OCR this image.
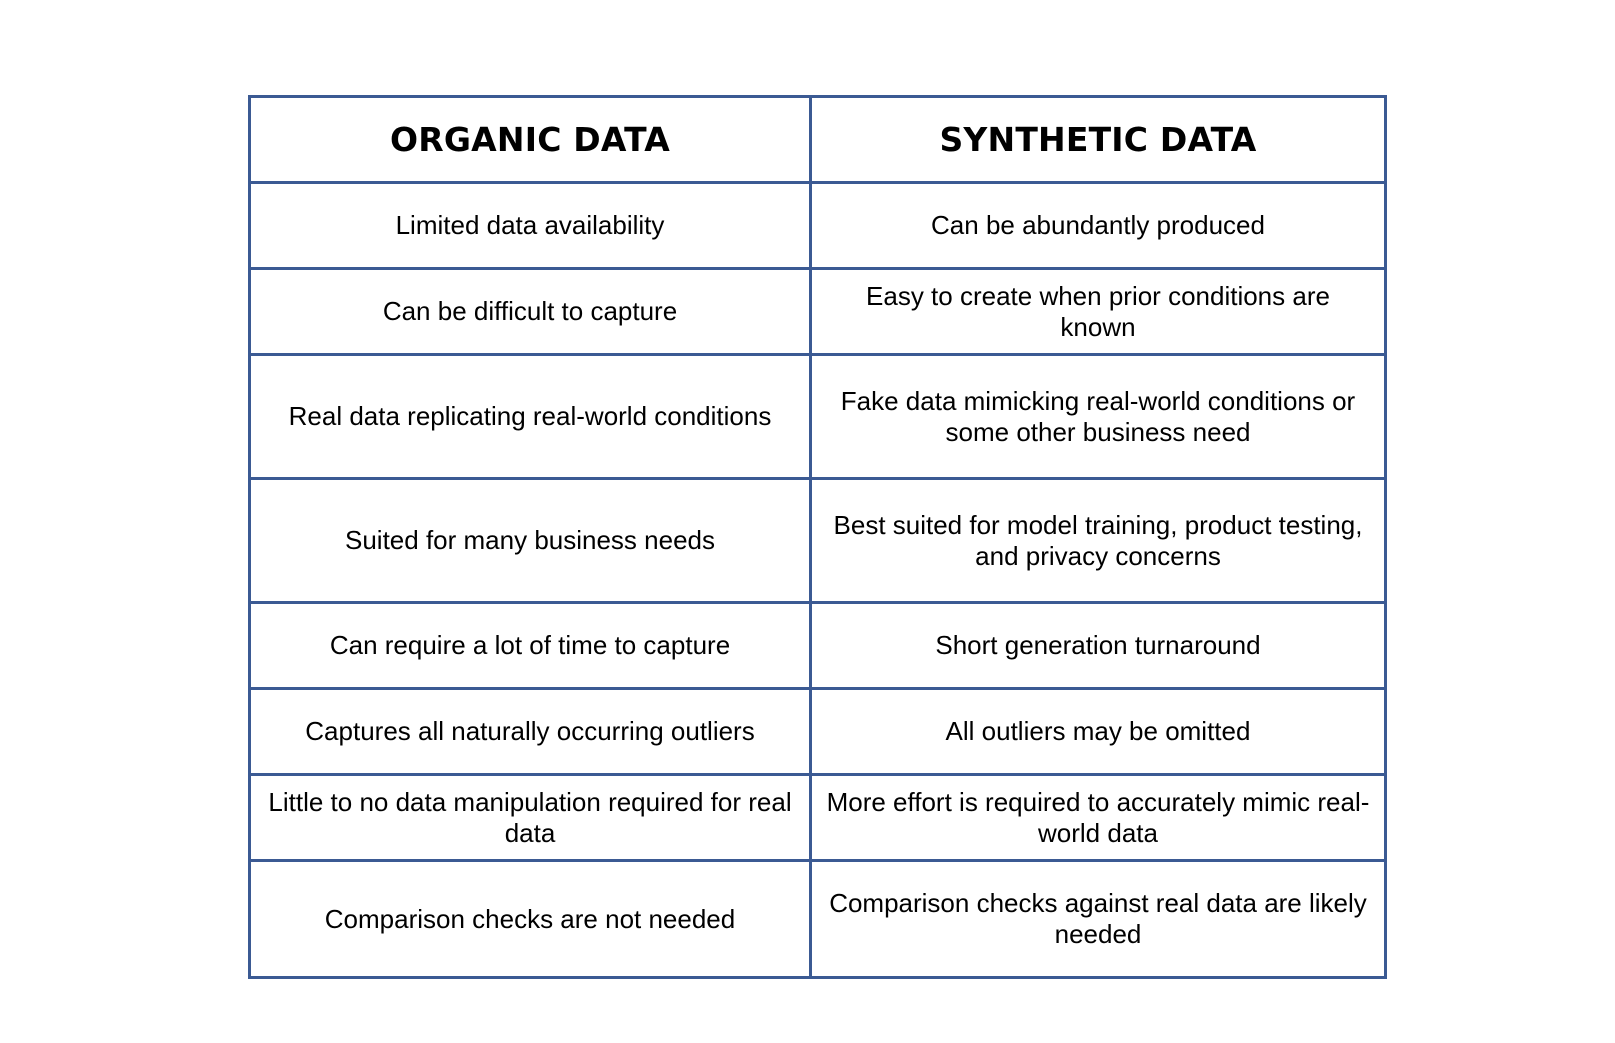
ORGANIC DATA	SYNTHETIC DATA
Limited data availability	Can be abundantly produced
Can be difficult to capture	Easy to create when prior conditions are known
Real data replicating real-world conditions	Fake data mimicking real-world conditions or some other business need
Suited for many business needs	Best suited for model training, product testing, and privacy concerns
Can require a lot of time to capture	Short generation turnaround
Captures all naturally occurring outliers	All outliers may be omitted
Little to no data manipulation required for real data	More effort is required to accurately mimic real- world data
Comparison checks are not needed	Comparison checks against real data are likely needed
